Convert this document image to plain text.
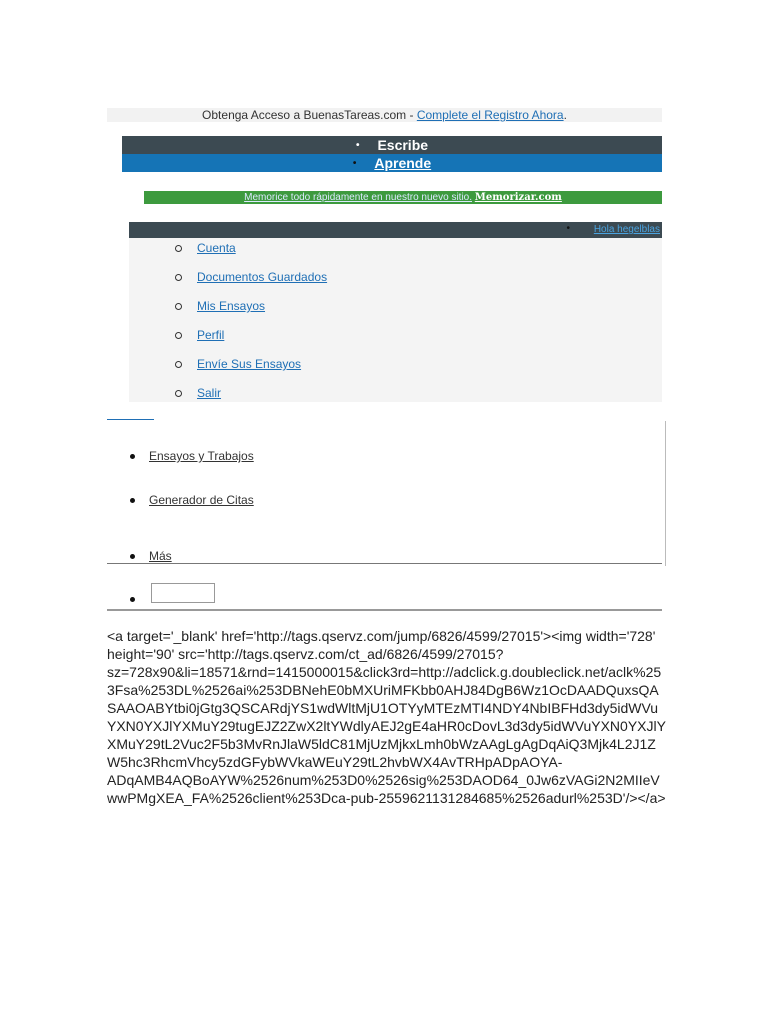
Obtenga Acceso a BuenasTareas.com - Complete el Registro Ahora.
• Escribe
• Aprende
Memorice todo rápidamente en nuestro nuevo sitio. Memorizar.com
• Hola hegelblas
Cuenta
Documentos Guardados
Mis Ensayos
Perfil
Envíe Sus Ensayos
Salir
Ensayos y Trabajos
Generador de Citas
Más
<a target='_blank' href='http://tags.qservz.com/jump/6826/4599/27015'><img width='728' height='90' src='http://tags.qservz.com/ct_ad/6826/4599/27015?sz=728x90&li=18571&rnd=1415000015&click3rd=http://adclick.g.doubleclick.net/aclk%253Fsa%253DL%2526ai%253DBNehE0bMXUriMFKbb0AHJ84DgB6Wz1OcDAADQuxsQASAAOABYtbi0jGtg3QSCARdjYS1wdWltMjU1OTYyMTEzMTI4NDY4NbIBFHd3dy5idWVuYXN0YXJlYXMuY29tugEJZ2ZwX2ltYWdlyAEJ2gE4aHR0cDovL3d3dy5idWVuYXN0YXJlYXMuY29tL2Vuc2F5b3MvRnJlaW5ldC81MjUzMjkxLmh0bWzAAgLgAgDqAiQ3Mjk4L2J1ZW5hc3RhcmVhcy5zdGFybWVkaWEuY29tL2hvbWX4AvTRHpADpAOYA-ADqAMB4AQBoAYW%2526num%253D0%2526sig%253DAOD64_0Jw6zVAGi2N2MIIeVwwPMgXEA_FA%2526client%253Dca-pub-2559621131284685%2526adurl%253D'/></a>
